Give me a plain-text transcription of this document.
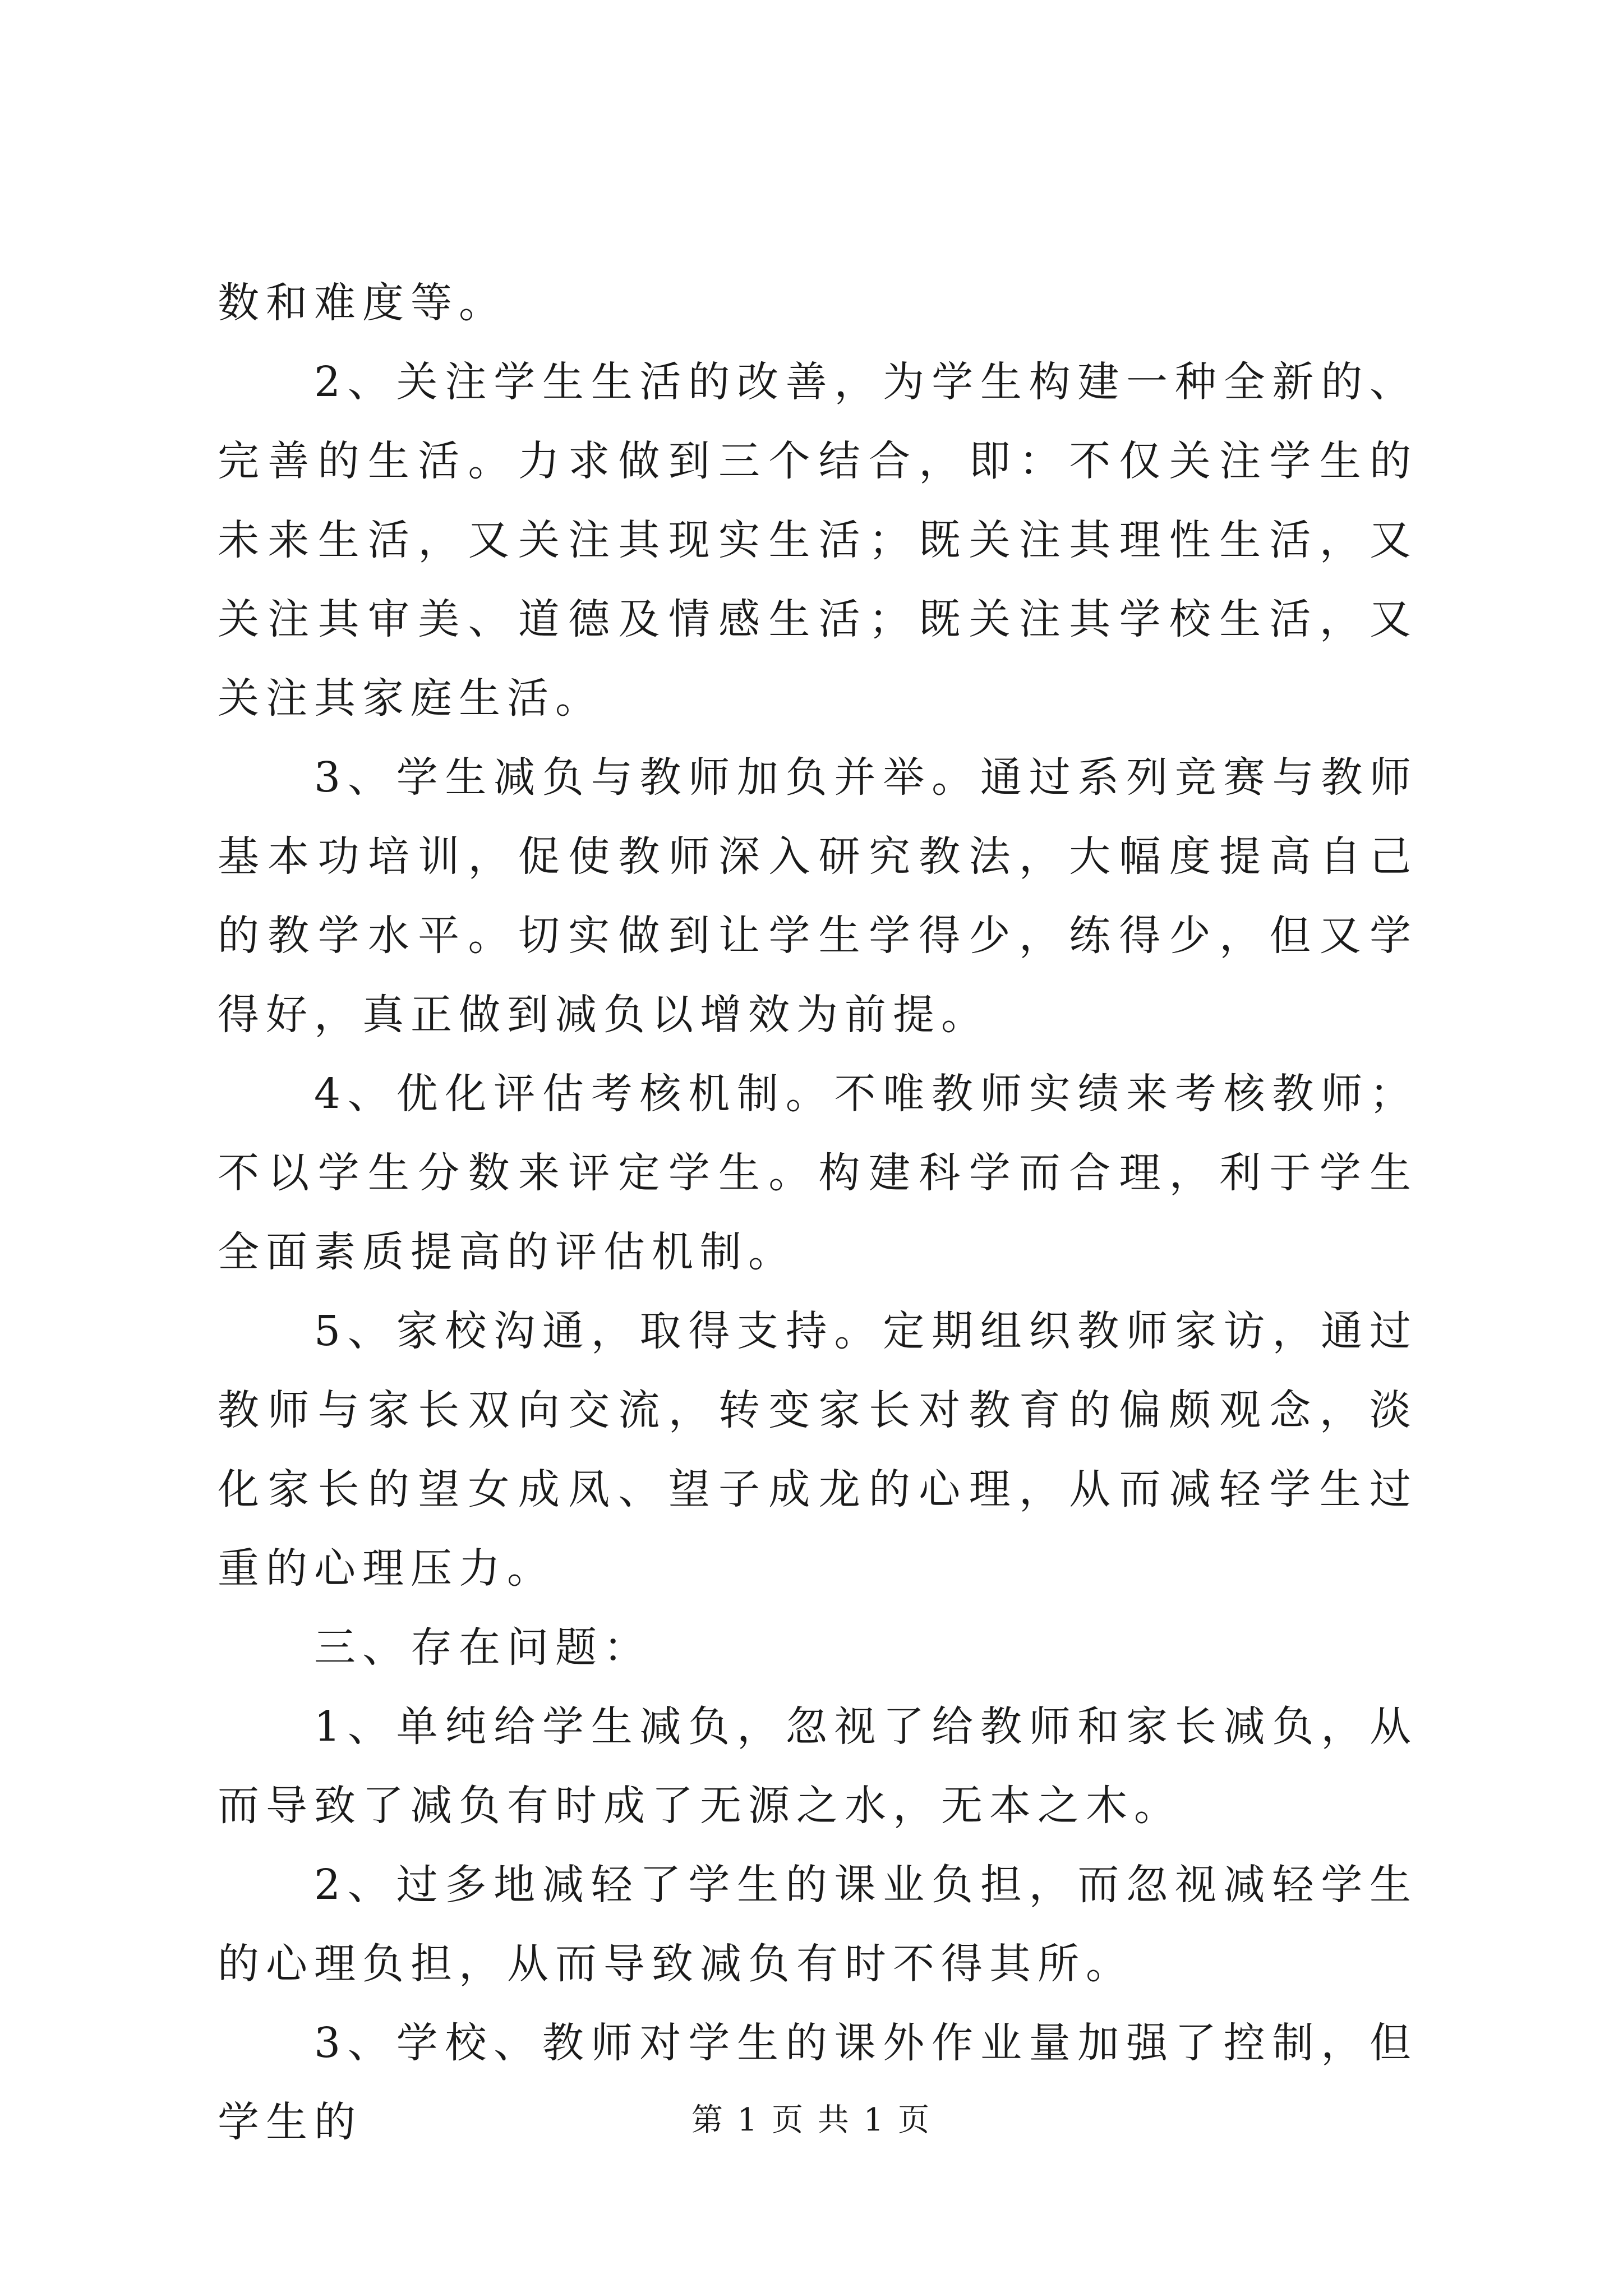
数和难度等。

2、关注学生生活的改善，为学生构建一种全新的、完善的生活。力求做到三个结合，即：不仅关注学生的未来生活，又关注其现实生活；既关注其理性生活，又关注其审美、道德及情感生活；既关注其学校生活，又关注其家庭生活。

3、学生减负与教师加负并举。通过系列竞赛与教师基本功培训，促使教师深入研究教法，大幅度提高自己的教学水平。切实做到让学生学得少，练得少，但又学得好，真正做到减负以增效为前提。

4、优化评估考核机制。不唯教师实绩来考核教师；不以学生分数来评定学生。构建科学而合理，利于学生全面素质提高的评估机制。

5、家校沟通，取得支持。定期组织教师家访，通过教师与家长双向交流，转变家长对教育的偏颇观念，淡化家长的望女成凤、望子成龙的心理，从而减轻学生过重的心理压力。

三、存在问题：

1、单纯给学生减负，忽视了给教师和家长减负，从而导致了减负有时成了无源之水，无本之木。

2、过多地减轻了学生的课业负担，而忽视减轻学生的心理负担，从而导致减负有时不得其所。

3、学校、教师对学生的课外作业量加强了控制，但学生的	第 1 页 共 1 页
